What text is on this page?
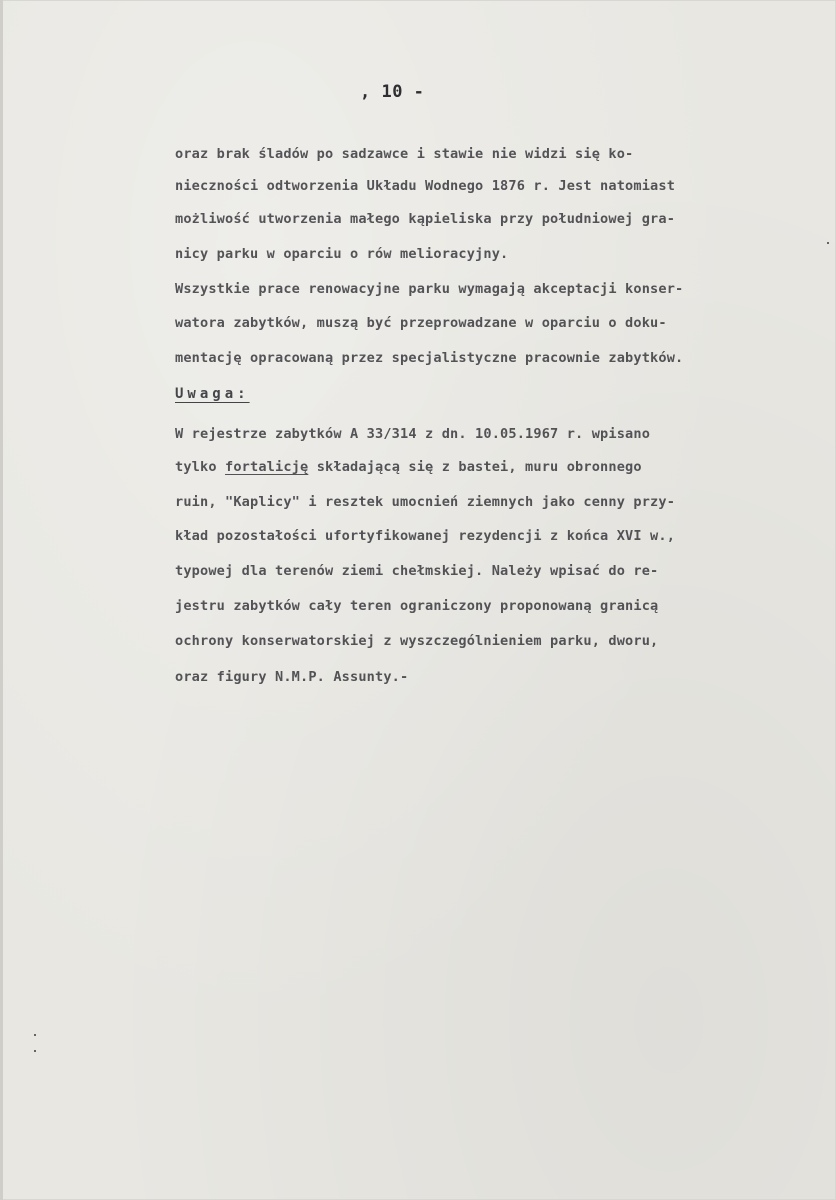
, 10 -
oraz brak śladów po sadzawce i stawie nie widzi się ko-
nieczności odtworzenia Układu Wodnego 1876 r. Jest natomiast
możliwość utworzenia małego kąpieliska przy południowej gra-
nicy parku w oparciu o rów melioracyjny.
Wszystkie prace renowacyjne parku wymagają akceptacji konser-
watora zabytków, muszą być przeprowadzane w oparciu o doku-
mentację opracowaną przez specjalistyczne pracownie zabytków.
Uwaga:
W rejestrze zabytków A 33/314 z dn. 10.05.1967 r. wpisano
tylko fortalicję składającą się z bastei, muru obronnego
ruin, "Kaplicy" i resztek umocnień ziemnych jako cenny przy-
kład pozostałości ufortyfikowanej rezydencji z końca XVI w.,
typowej dla terenów ziemi chełmskiej. Należy wpisać do re-
jestru zabytków cały teren ograniczony proponowaną granicą
ochrony konserwatorskiej z wyszczególnieniem parku, dworu,
oraz figury N.M.P. Assunty.-
